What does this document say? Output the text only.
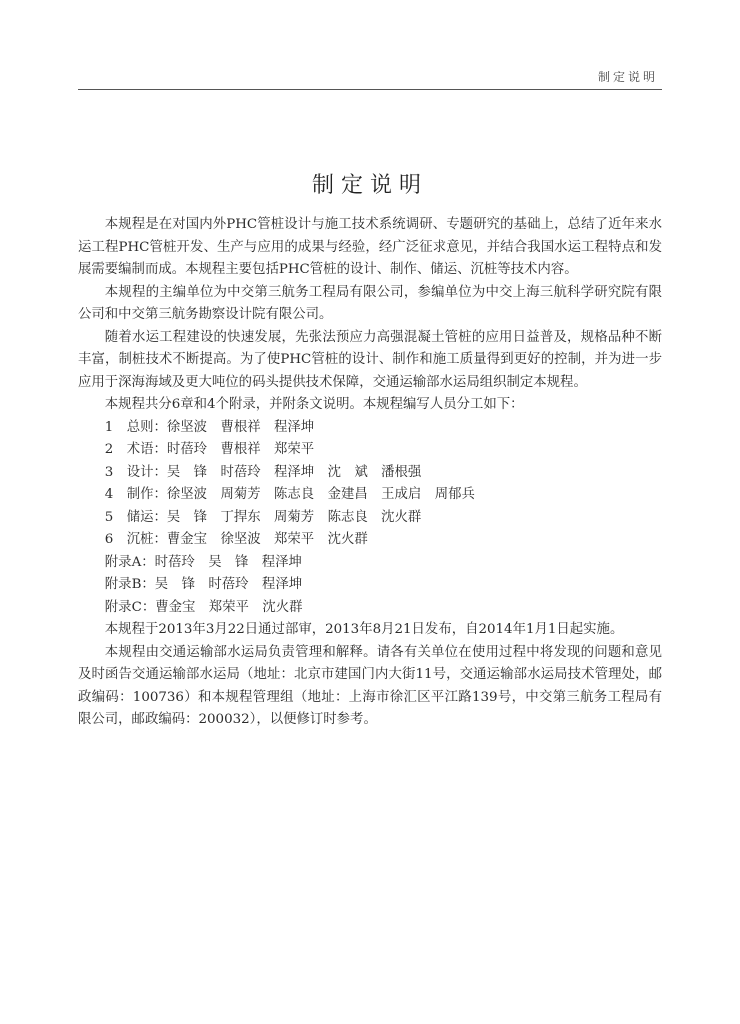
制定说明
制定说明

本规程是在对国内外PHC管桩设计与施工技术系统调研、专题研究的基础上，总结了近年来水运工程PHC管桩开发、生产与应用的成果与经验，经广泛征求意见，并结合我国水运工程特点和发展需要编制而成。本规程主要包括PHC管桩的设计、制作、储运、沉桩等技术内容。

本规程的主编单位为中交第三航务工程局有限公司，参编单位为中交上海三航科学研究院有限公司和中交第三航务勘察设计院有限公司。

随着水运工程建设的快速发展，先张法预应力高强混凝土管桩的应用日益普及，规格品种不断丰富，制桩技术不断提高。为了使PHC管桩的设计、制作和施工质量得到更好的控制，并为进一步应用于深海海域及更大吨位的码头提供技术保障，交通运输部水运局组织制定本规程。

本规程共分6章和4个附录，并附条文说明。本规程编写人员分工如下：

1　总则：徐坚波　曹根祥　程泽坤

2　术语：时蓓玲　曹根祥　郑荣平

3　设计：吴　锋　时蓓玲　程泽坤　沈　斌　潘根强

4　制作：徐坚波　周菊芳　陈志良　金建昌　王成启　周郁兵

5　储运：吴　锋　丁捍东　周菊芳　陈志良　沈火群

6　沉桩：曹金宝　徐坚波　郑荣平　沈火群

附录A：时蓓玲　吴　锋　程泽坤

附录B：吴　锋　时蓓玲　程泽坤

附录C：曹金宝　郑荣平　沈火群

本规程于2013年3月22日通过部审，2013年8月21日发布，自2014年1月1日起实施。

本规程由交通运输部水运局负责管理和解释。请各有关单位在使用过程中将发现的问题和意见及时函告交通运输部水运局（地址：北京市建国门内大街11号，交通运输部水运局技术管理处，邮政编码：100736）和本规程管理组（地址：上海市徐汇区平江路139号，中交第三航务工程局有限公司，邮政编码：200032），以便修订时参考。
